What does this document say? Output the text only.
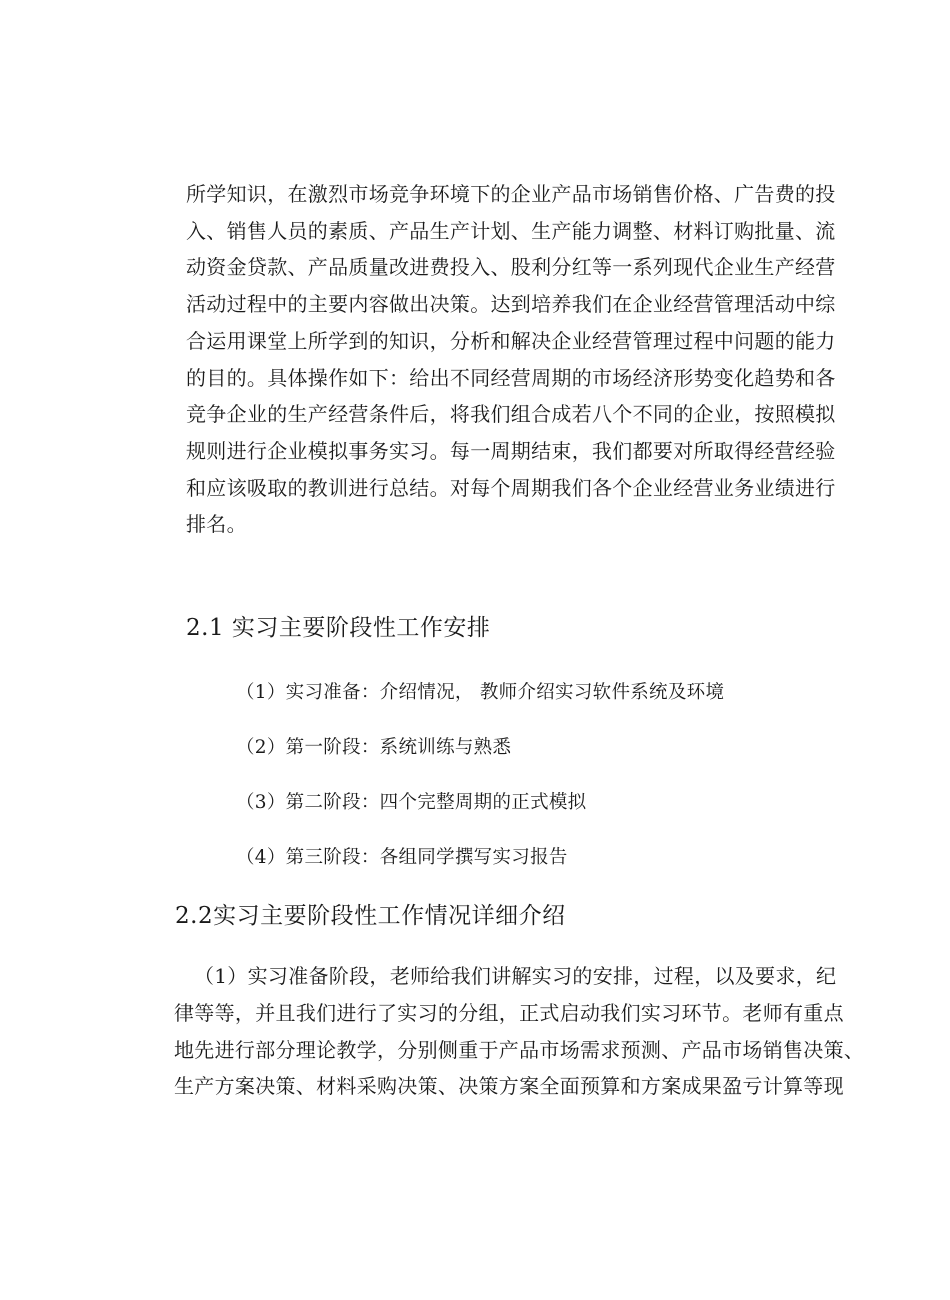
所学知识，在激烈市场竞争环境下的企业产品市场销售价格、广告费的投
入、销售人员的素质、产品生产计划、生产能力调整、材料订购批量、流
动资金贷款、产品质量改进费投入、股利分红等一系列现代企业生产经营
活动过程中的主要内容做出决策。达到培养我们在企业经营管理活动中综
合运用课堂上所学到的知识，分析和解决企业经营管理过程中问题的能力
的目的。具体操作如下：给出不同经营周期的市场经济形势变化趋势和各
竞争企业的生产经营条件后，将我们组合成若八个不同的企业，按照模拟
规则进行企业模拟事务实习。每一周期结束，我们都要对所取得经营经验
和应该吸取的教训进行总结。对每个周期我们各个企业经营业务业绩进行
排名。
2.1 实习主要阶段性工作安排
（1）实习准备：介绍情况， 教师介绍实习软件系统及环境
（2）第一阶段：系统训练与熟悉
（3）第二阶段：四个完整周期的正式模拟
（4）第三阶段：各组同学撰写实习报告
2.2实习主要阶段性工作情况详细介绍
（1）实习准备阶段，老师给我们讲解实习的安排，过程，以及要求，纪
律等等，并且我们进行了实习的分组，正式启动我们实习环节。老师有重点
地先进行部分理论教学，分别侧重于产品市场需求预测、产品市场销售决策、
生产方案决策、材料采购决策、决策方案全面预算和方案成果盈亏计算等现
